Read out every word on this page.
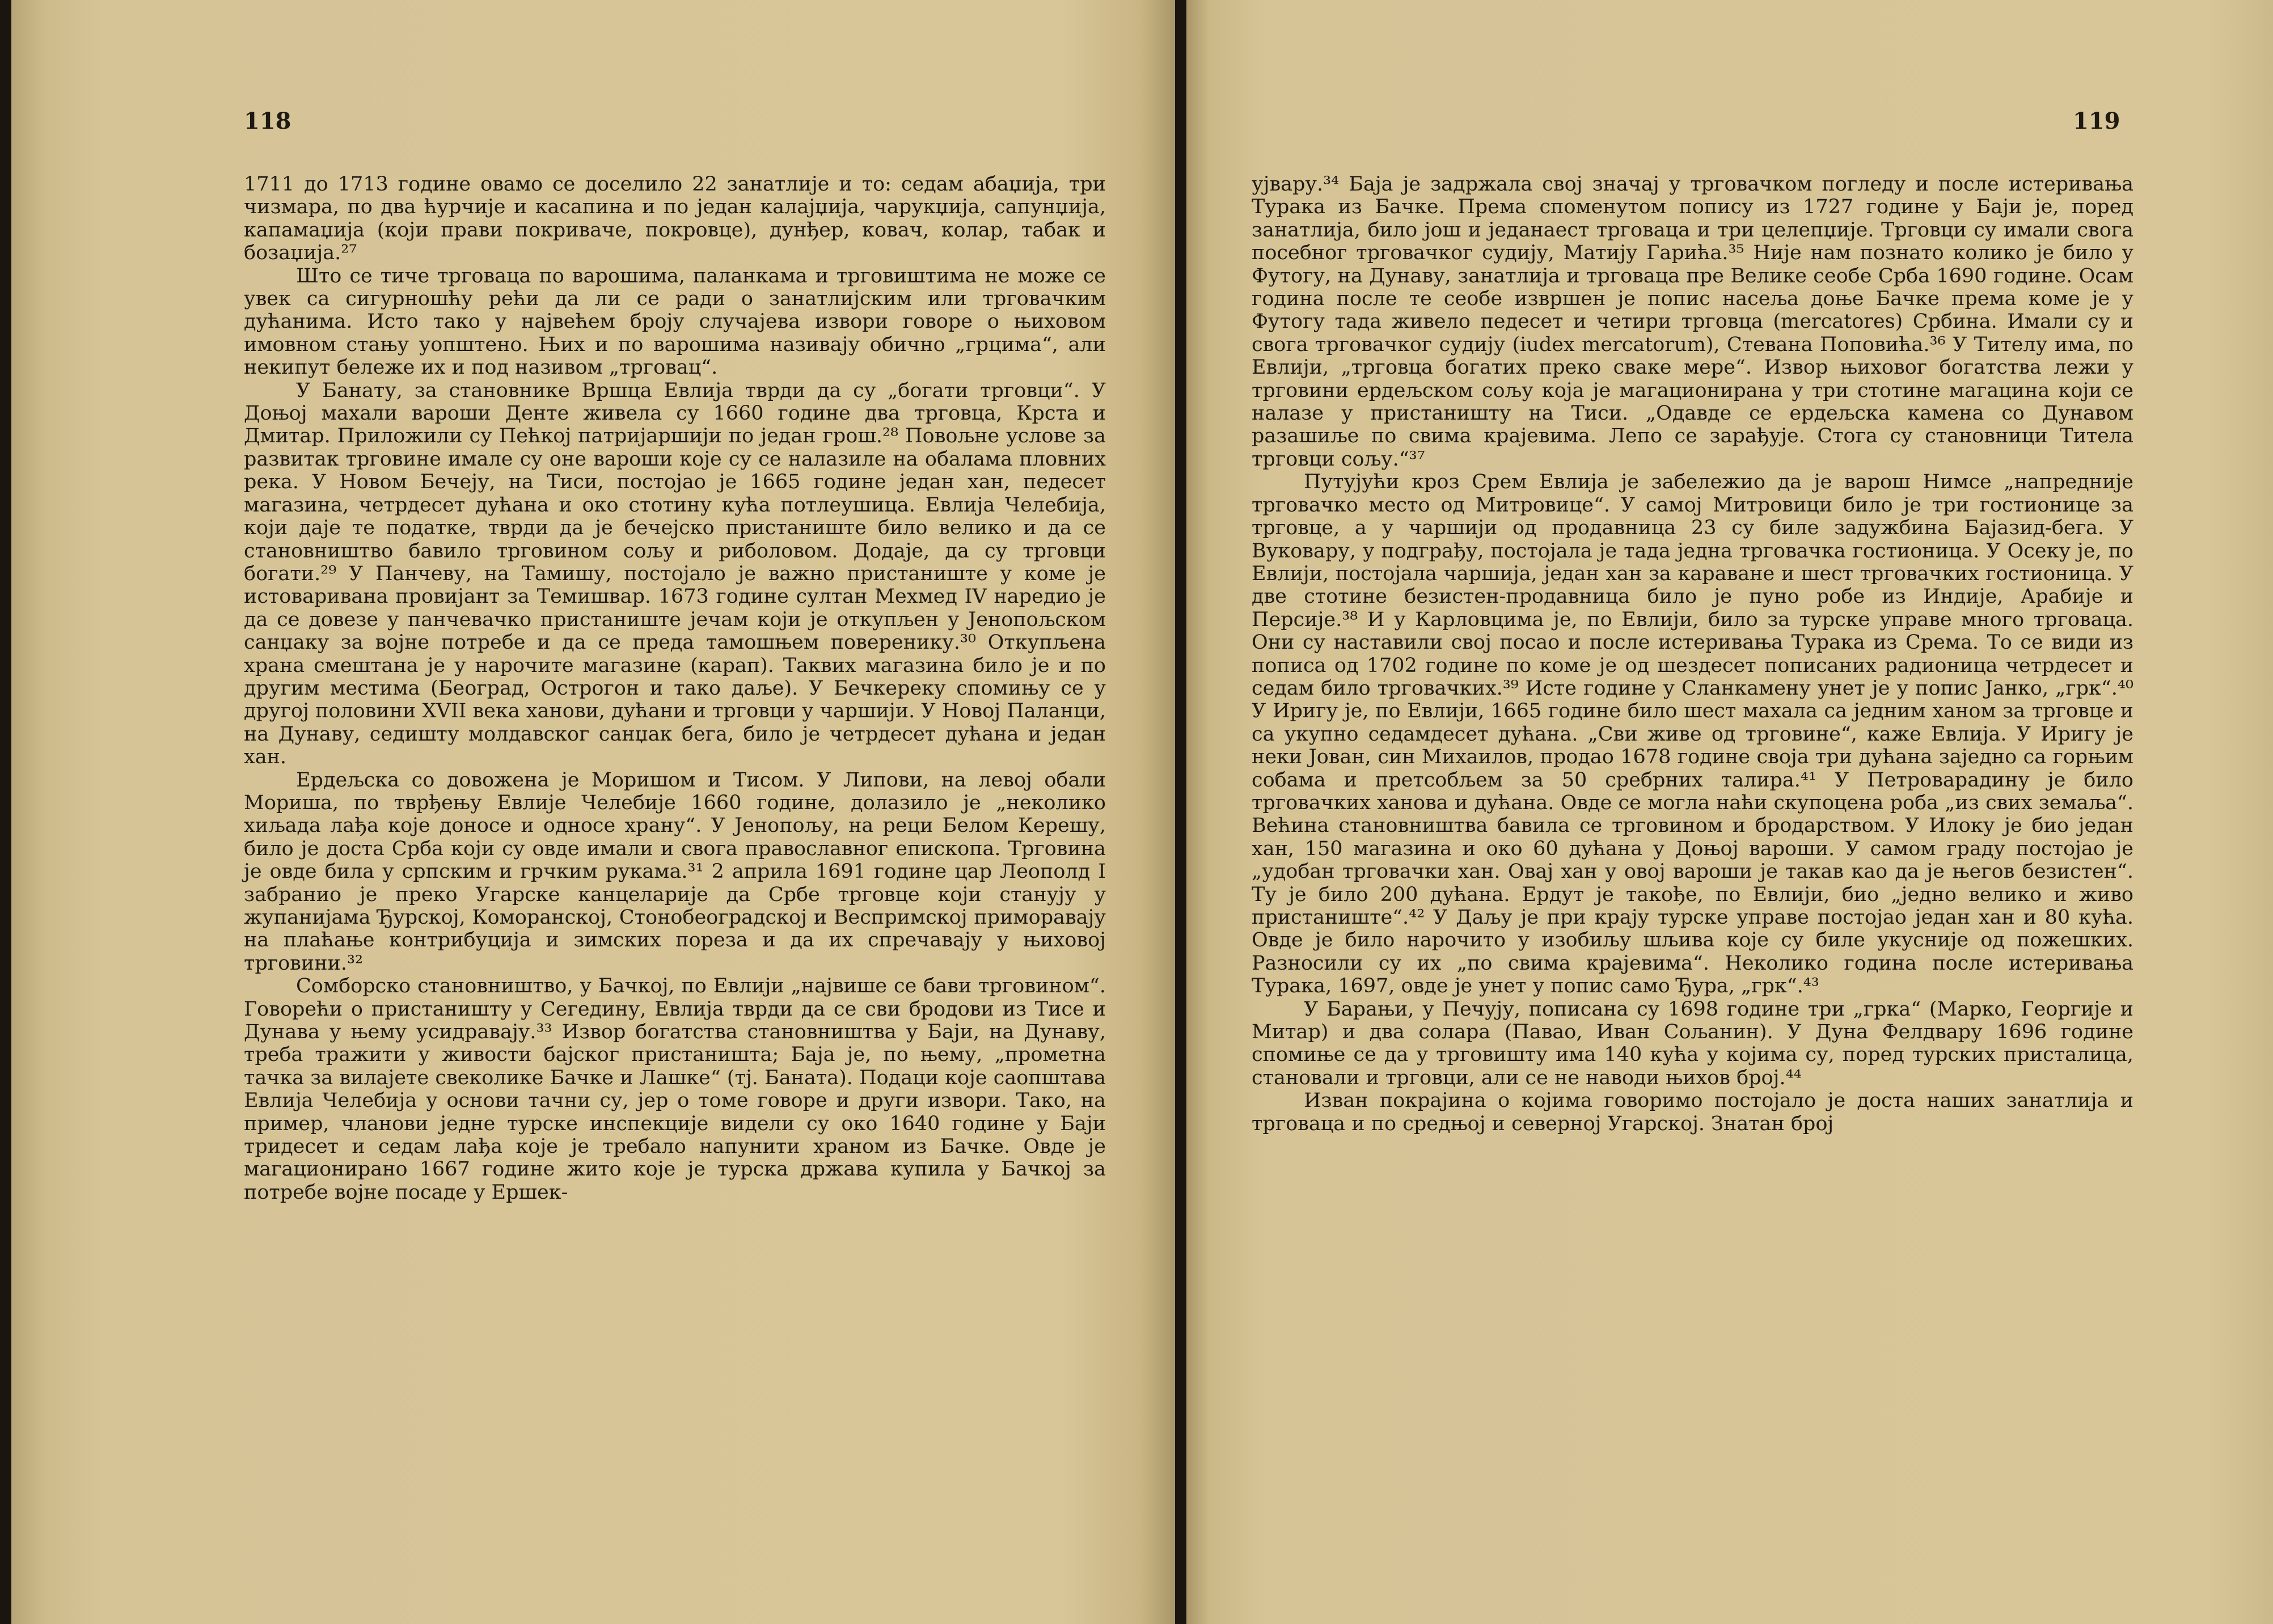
118

1711 до 1713 године овамо се доселило 22 занатлије и то: седам абаџија, три чизмара, по два ћурчије и касапина и по један калајџија, чарукџија, сапунџија, капамаџија (који прави покриваче, покровце), дунђер, ковач, колар, табак и бозаџија.²⁷

Што се тиче трговаца по варошима, паланкама и трговиштима не може се увек са сигурношћу рећи да ли се ради о занатлијским или трговачким дућанима. Исто тако у највећем броју случајева извори говоре о њиховом имовном стању уопштено. Њих и по варошима називају обично „грцима“, али некипут бележе их и под називом „трговац“.

У Банату, за становнике Вршца Евлија тврди да су „богати трговци“. У Доњој махали вароши Денте живела су 1660 године два трговца, Крста и Дмитар. Приложили су Пећкој патријаршији по један грош.²⁸ Повољне услове за развитак трговине имале су оне вароши које су се налазиле на обалама пловних река. У Новом Бечеју, на Тиси, постојао је 1665 године један хан, педесет магазина, четрдесет дућана и око стотину кућа потлеушица. Евлија Челебија, који даје те податке, тврди да је бечејско пристаниште било велико и да се становништво бавило трговином сољу и риболовом. Додаје, да су трговци богати.²⁹ У Панчеву, на Тамишу, постојало је важно пристаниште у коме је истоваривана провијант за Темишвар. 1673 године султан Мехмед IV наредио је да се довезе у панчевачко пристаниште јечам који је откупљен у Јенопољском санџаку за војне потребе и да се преда тамошњем поверенику.³⁰ Откупљена храна смештана је у нарочите магазине (карап). Таквих магазина било је и по другим местима (Београд, Острогон и тако даље). У Бечкереку спомињу се у другој половини XVII века ханови, дућани и трговци у чаршији. У Новој Паланци, на Дунаву, седишту молдавског санџак бега, било је четрдесет дућана и један хан.

Ердељска со довожена је Моришом и Тисом. У Липови, на левој обали Мориша, по тврђењу Евлије Челебије 1660 године, долазило је „неколико хиљада лађа које доносе и односе храну“. У Јенопољу, на реци Белом Керешу, било је доста Срба који су овде имали и свога православног епископа. Трговина је овде била у српским и грчким рукама.³¹ 2 априла 1691 године цар Леополд I забранио је преко Угарске канцеларије да Србе трговце који станују у жупанијама Ђурској, Коморанској, Стонобеоградској и Веспримској приморавају на плаћање контрибуција и зимских пореза и да их спречавају у њиховој трговини.³²

Сомборско становништво, у Бачкој, по Евлији „највише се бави трговином“. Говорећи о пристаништу у Сегедину, Евлија тврди да се сви бродови из Тисе и Дунава у њему усидравају.³³ Извор богатства становништва у Баји, на Дунаву, треба тражити у живости бајског пристаништа; Баја је, по њему, „прометна тачка за вилајете свеколике Бачке и Лашке“ (тј. Баната). Подаци које саопштава Евлија Челебија у основи тачни су, јер о томе говоре и други извори. Тако, на пример, чланови једне турске инспекције видели су око 1640 године у Баји тридесет и седам лађа које је требало напунити храном из Бачке. Овде је магационирано 1667 године жито које је турска држава купила у Бачкој за потребе војне посаде у Ершек-

119

ујвару.³⁴ Баја је задржала свој значај у трговачком погледу и после истеривања Турака из Бачке. Према споменутом попису из 1727 године у Баји је, поред занатлија, било још и једанаест трговаца и три целепџије. Трговци су имали свога посебног трговачког судију, Матију Гарића.³⁵ Није нам познато колико је било у Футогу, на Дунаву, занатлија и трговаца пре Велике сеобе Срба 1690 године. Осам година после те сеобе извршен је попис насеља доње Бачке према коме је у Футогу тада живело педесет и четири трговца (mercatores) Србина. Имали су и свога трговачког судију (iudex mercatorum), Стевана Поповића.³⁶ У Тителу има, по Евлији, „трговца богатих преко сваке мере“. Извор њиховог богатства лежи у трговини ердељском сољу која је магационирана у три стотине магацина који се налазе у пристаништу на Тиси. „Одавде се ердељска камена со Дунавом разашиље по свима крајевима. Лепо се зарађује. Стога су становници Титела трговци сољу.“³⁷

Путујући кроз Срем Евлија је забележио да је варош Нимсе „напредније трговачко место од Митровице“. У самој Митровици било је три гостионице за трговце, а у чаршији од продавница 23 су биле задужбина Бајазид-бега. У Вуковару, у подграђу, постојала је тада једна трговачка гостионица. У Осеку је, по Евлији, постојала чаршија, један хан за караване и шест трговачких гостионица. У две стотине безистен-продавница било је пуно робе из Индије, Арабије и Персије.³⁸ И у Карловцима је, по Евлији, било за турске управе много трговаца. Они су наставили свој посао и после истеривања Турака из Срема. То се види из пописа од 1702 године по коме је од шездесет пописаних радионица четрдесет и седам било трговачких.³⁹ Исте године у Сланкамену унет је у попис Јанко, „грк“.⁴⁰ У Иригу је, по Евлији, 1665 године било шест махала са једним ханом за трговце и са укупно седамдесет дућана. „Сви живе од трговине“, каже Евлија. У Иригу је неки Јован, син Михаилов, продао 1678 године своја три дућана заједно са горњим собама и претсобљем за 50 сребрних талира.⁴¹ У Петроварадину је било трговачких ханова и дућана. Овде се могла наћи скупоцена роба „из свих земаља“. Већина становништва бавила се трговином и бродарством. У Илоку је био један хан, 150 магазина и око 60 дућана у Доњој вароши. У самом граду постојао је „удобан трговачки хан. Овај хан у овој вароши је такав као да је његов безистен“. Ту је било 200 дућана. Ердут је такође, по Евлији, био „једно велико и живо пристаниште“.⁴² У Даљу је при крају турске управе постојао један хан и 80 кућа. Овде је било нарочито у изобиљу шљива које су биле укусније од пожешких. Разносили су их „по свима крајевима“. Неколико година после истеривања Турака, 1697, овде је унет у попис само Ђура, „грк“.⁴³

У Барањи, у Печују, пописана су 1698 године три „грка“ (Марко, Георгије и Митар) и два солара (Павао, Иван Сољанин). У Дуна Фелдвару 1696 године спомиње се да у трговишту има 140 кућа у којима су, поред турских присталица, становали и трговци, али се не наводи њихов број.⁴⁴

Изван покрајина о којима говоримо постојало је доста наших занатлија и трговаца и по средњој и северној Угарској. Знатан број
